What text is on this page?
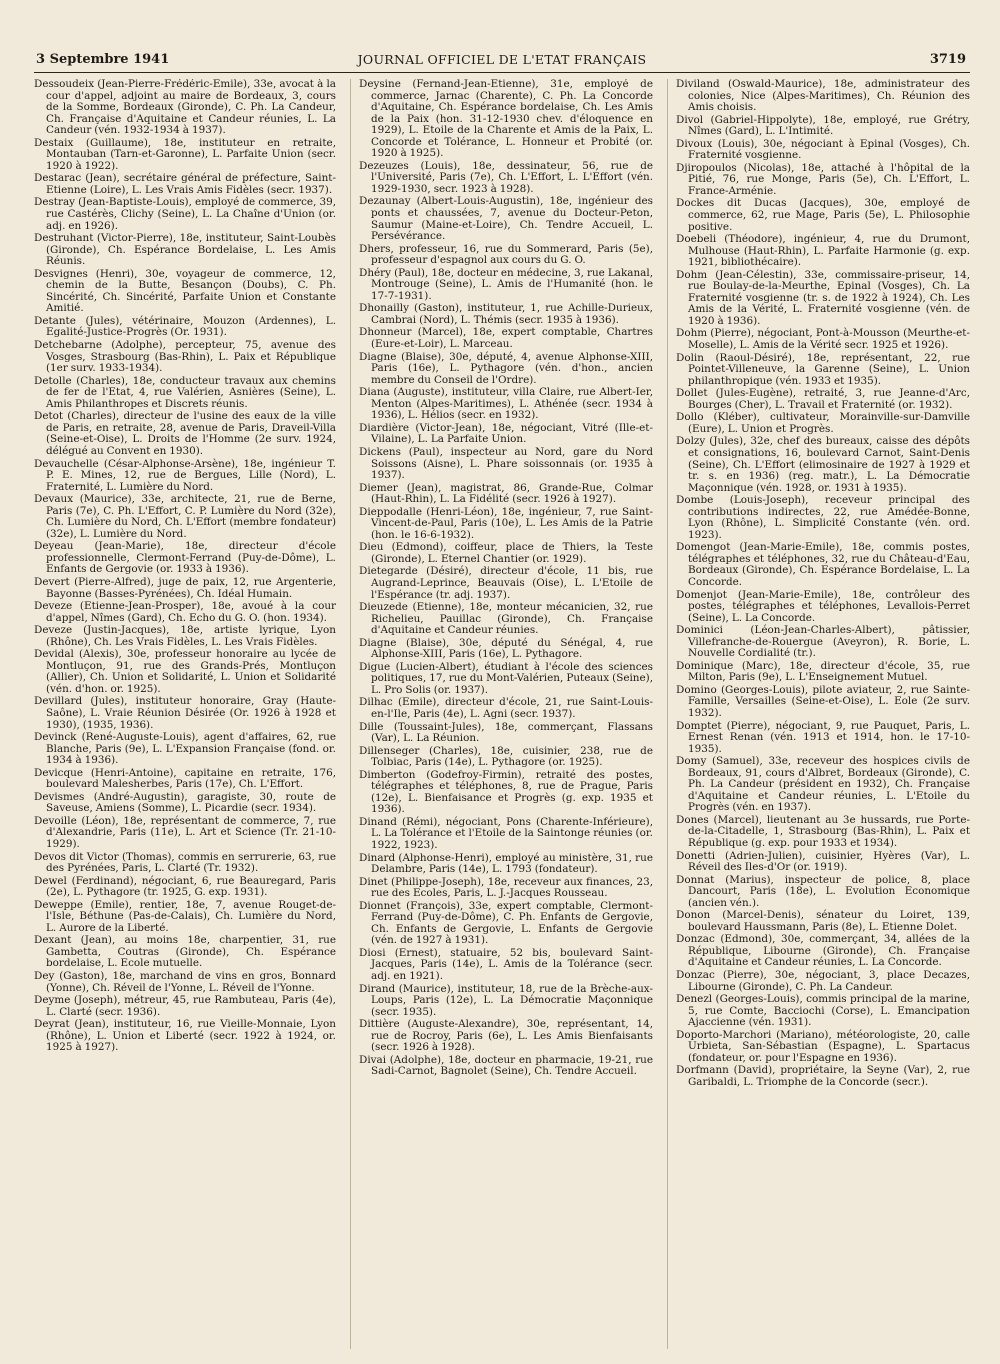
3 Septembre 1941	JOURNAL OFFICIEL DE L'ETAT FRANÇAIS	3719

Dessoudeix (Jean-Pierre-Frédéric-Emile), 33e, avocat à la cour d'appel, adjoint au maire de Bordeaux, 3, cours de la Somme, Bordeaux (Gironde), C. Ph. La Candeur, Ch. Française d'Aquitaine et Candeur réunies, L. La Candeur (vén. 1932-1934 à 1937).

Destaix (Guillaume), 18e, instituteur en retraite, Montauban (Tarn-et-Garonne), L. Parfaite Union (secr. 1920 à 1922).

Destarac (Jean), secrétaire général de préfecture, Saint-Etienne (Loire), L. Les Vrais Amis Fidèles (secr. 1937).

Destray (Jean-Baptiste-Louis), employé de commerce, 39, rue Castérès, Clichy (Seine), L. La Chaîne d'Union (or. adj. en 1926).

Destruhant (Victor-Pierre), 18e, instituteur, Saint-Loubès (Gironde), Ch. Espérance Bordelaise, L. Les Amis Réunis.

Desvignes (Henri), 30e, voyageur de commerce, 12, chemin de la Butte, Besançon (Doubs), C. Ph. Sincérité, Ch. Sincérité, Parfaite Union et Constante Amitié.

Detante (Jules), vétérinaire, Mouzon (Ardennes), L. Egalité-Justice-Progrès (Or. 1931).

Detchebarne (Adolphe), percepteur, 75, avenue des Vosges, Strasbourg (Bas-Rhin), L. Paix et République (1er surv. 1933-1934).

Detolle (Charles), 18e, conducteur travaux aux chemins de fer de l'Etat, 4, rue Valérien, Asnières (Seine), L. Amis Philanthropes et Discrets réunis.

Detot (Charles), directeur de l'usine des eaux de la ville de Paris, en retraite, 28, avenue de Paris, Draveil-Villa (Seine-et-Oise), L. Droits de l'Homme (2e surv. 1924, délégué au Convent en 1930).

Devauchelle (César-Alphonse-Arsène), 18e, ingénieur T. P. E. Mines, 12, rue de Bergues, Lille (Nord), L. Fraternité, L. Lumière du Nord.

Devaux (Maurice), 33e, architecte, 21, rue de Berne, Paris (7e), C. Ph. L'Effort, C. P. Lumière du Nord (32e), Ch. Lumière du Nord, Ch. L'Effort (membre fondateur) (32e), L. Lumière du Nord.

Deyeau (Jean-Marie), 18e, directeur d'école professionnelle, Clermont-Ferrand (Puy-de-Dôme), L. Enfants de Gergovie (or. 1933 à 1936).

Devert (Pierre-Alfred), juge de paix, 12, rue Argenterie, Bayonne (Basses-Pyrénées), Ch. Idéal Humain.

Deveze (Etienne-Jean-Prosper), 18e, avoué à la cour d'appel, Nîmes (Gard), Ch. Echo du G. O. (hon. 1934).

Deveze (Justin-Jacques), 18e, artiste lyrique, Lyon (Rhône), Ch. Les Vrais Fidèles, L. Les Vrais Fidèles.

Devidal (Alexis), 30e, professeur honoraire au lycée de Montluçon, 91, rue des Grands-Prés, Montluçon (Allier), Ch. Union et Solidarité, L. Union et Solidarité (vén. d'hon. or. 1925).

Devillard (Jules), instituteur honoraire, Gray (Haute-Saône), L. Vraie Réunion Désirée (Or. 1926 à 1928 et 1930), (1935, 1936).

Devinck (René-Auguste-Louis), agent d'affaires, 62, rue Blanche, Paris (9e), L. L'Expansion Française (fond. or. 1934 à 1936).

Devicque (Henri-Antoine), capitaine en retraite, 176, boulevard Malesherbes, Paris (17e), Ch. L'Effort.

Devismes (André-Augustin), garagiste, 30, route de Saveuse, Amiens (Somme), L. Picardie (secr. 1934).

Devoille (Léon), 18e, représentant de commerce, 7, rue d'Alexandrie, Paris (11e), L. Art et Science (Tr. 21-10-1929).

Devos dit Victor (Thomas), commis en serrurerie, 63, rue des Pyrénées, Paris, L. Clarté (Tr. 1932).

Dewel (Ferdinand), négociant, 6, rue Beauregard, Paris (2e), L. Pythagore (tr. 1925, G. exp. 1931).

Deweppe (Emile), rentier, 18e, 7, avenue Rouget-de-l'Isle, Béthune (Pas-de-Calais), Ch. Lumière du Nord, L. Aurore de la Liberté.

Dexant (Jean), au moins 18e, charpentier, 31, rue Gambetta, Coutras (Gironde), Ch. Espérance bordelaise, L. Ecole mutuelle.

Dey (Gaston), 18e, marchand de vins en gros, Bonnard (Yonne), Ch. Réveil de l'Yonne, L. Réveil de l'Yonne.

Deyme (Joseph), métreur, 45, rue Rambuteau, Paris (4e), L. Clarté (secr. 1936).

Deyrat (Jean), instituteur, 16, rue Vieille-Monnaie, Lyon (Rhône), L. Union et Liberté (secr. 1922 à 1924, or. 1925 à 1927).

Deysine (Fernand-Jean-Etienne), 31e, employé de commerce, Jarnac (Charente), C. Ph. La Concorde d'Aquitaine, Ch. Espérance bordelaise, Ch. Les Amis de la Paix (hon. 31-12-1930 chev. d'éloquence en 1929), L. Etoile de la Charente et Amis de la Paix, L. Concorde et Tolérance, L. Honneur et Probité (or. 1920 à 1925).

Dezeuzes (Louis), 18e, dessinateur, 56, rue de l'Université, Paris (7e), Ch. L'Effort, L. L'Effort (vén. 1929-1930, secr. 1923 à 1928).

Dezaunay (Albert-Louis-Augustin), 18e, ingénieur des ponts et chaussées, 7, avenue du Docteur-Peton, Saumur (Maine-et-Loire), Ch. Tendre Accueil, L. Persévérance.

Dhers, professeur, 16, rue du Sommerard, Paris (5e), professeur d'espagnol aux cours du G. O.

Dhéry (Paul), 18e, docteur en médecine, 3, rue Lakanal, Montrouge (Seine), L. Amis de l'Humanité (hon. le 17-7-1931).

Dhonailly (Gaston), instituteur, 1, rue Achille-Durieux, Cambrai (Nord), L. Thémis (secr. 1935 à 1936).

Dhonneur (Marcel), 18e, expert comptable, Chartres (Eure-et-Loir), L. Marceau.

Diagne (Blaise), 30e, député, 4, avenue Alphonse-XIII, Paris (16e), L. Pythagore (vén. d'hon., ancien membre du Conseil de l'Ordre).

Diana (Auguste), instituteur, villa Claire, rue Albert-Ier, Menton (Alpes-Maritimes), L. Athénée (secr. 1934 à 1936), L. Hélios (secr. en 1932).

Diardière (Victor-Jean), 18e, négociant, Vitré (Ille-et-Vilaine), L. La Parfaite Union.

Dickens (Paul), inspecteur au Nord, gare du Nord Soissons (Aisne), L. Phare soissonnais (or. 1935 à 1937).

Diemer (Jean), magistrat, 86, Grande-Rue, Colmar (Haut-Rhin), L. La Fidélité (secr. 1926 à 1927).

Dieppodalle (Henri-Léon), 18e, ingénieur, 7, rue Saint-Vincent-de-Paul, Paris (10e), L. Les Amis de la Patrie (hon. le 16-6-1932).

Dieu (Edmond), coiffeur, place de Thiers, la Teste (Gironde), L. Eternel Chantier (or. 1929).

Dietegarde (Désiré), directeur d'école, 11 bis, rue Augrand-Leprince, Beauvais (Oise), L. L'Etoile de l'Espérance (tr. adj. 1937).

Dieuzede (Etienne), 18e, monteur mécanicien, 32, rue Richelieu, Pauillac (Gironde), Ch. Française d'Aquitaine et Candeur réunies.

Diagne (Blaise), 30e, député du Sénégal, 4, rue Alphonse-XIII, Paris (16e), L. Pythagore.

Digue (Lucien-Albert), étudiant à l'école des sciences politiques, 17, rue du Mont-Valérien, Puteaux (Seine), L. Pro Solis (or. 1937).

Dilhac (Emile), directeur d'école, 21, rue Saint-Louis-en-l'Ile, Paris (4e), L. Agni (secr. 1937).

Dille (Toussaint-Jules), 18e, commerçant, Flassans (Var), L. La Réunion.

Dillenseger (Charles), 18e, cuisinier, 238, rue de Tolbiac, Paris (14e), L. Pythagore (or. 1925).

Dimberton (Godefroy-Firmin), retraité des postes, télégraphes et téléphones, 8, rue de Prague, Paris (12e), L. Bienfaisance et Progrès (g. exp. 1935 et 1936).

Dinand (Rémi), négociant, Pons (Charente-Inférieure), L. La Tolérance et l'Etoile de la Saintonge réunies (or. 1922, 1923).

Dinard (Alphonse-Henri), employé au ministère, 31, rue Delambre, Paris (14e), L. 1793 (fondateur).

Dinet (Philippe-Joseph), 18e, receveur aux finances, 23, rue des Ecoles, Paris, L. J.-Jacques Rousseau.

Dionnet (François), 33e, expert comptable, Clermont-Ferrand (Puy-de-Dôme), C. Ph. Enfants de Gergovie, Ch. Enfants de Gergovie, L. Enfants de Gergovie (vén. de 1927 à 1931).

Diosi (Ernest), statuaire, 52 bis, boulevard Saint-Jacques, Paris (14e), L. Amis de la Tolérance (secr. adj. en 1921).

Dirand (Maurice), instituteur, 18, rue de la Brèche-aux-Loups, Paris (12e), L. La Démocratie Maçonnique (secr. 1935).

Dittière (Auguste-Alexandre), 30e, représentant, 14, rue de Rocroy, Paris (6e), L. Les Amis Bienfaisants (secr. 1926 à 1928).

Divai (Adolphe), 18e, docteur en pharmacie, 19-21, rue Sadi-Carnot, Bagnolet (Seine), Ch. Tendre Accueil.

Diviland (Oswald-Maurice), 18e, administrateur des colonies, Nice (Alpes-Maritimes), Ch. Réunion des Amis choisis.

Divol (Gabriel-Hippolyte), 18e, employé, rue Grétry, Nîmes (Gard), L. L'Intimité.

Divoux (Louis), 30e, négociant à Epinal (Vosges), Ch. Fraternité vosgienne.

Djiropoulos (Nicolas), 18e, attaché à l'hôpital de la Pitié, 76, rue Monge, Paris (5e), Ch. L'Effort, L. France-Arménie.

Dockes dit Ducas (Jacques), 30e, employé de commerce, 62, rue Mage, Paris (5e), L. Philosophie positive.

Doebeli (Théodore), ingénieur, 4, rue du Drumont, Mulhouse (Haut-Rhin), L. Parfaite Harmonie (g. exp. 1921, bibliothécaire).

Dohm (Jean-Célestin), 33e, commissaire-priseur, 14, rue Boulay-de-la-Meurthe, Epinal (Vosges), Ch. La Fraternité vosgienne (tr. s. de 1922 à 1924), Ch. Les Amis de la Vérité, L. Fraternité vosgienne (vén. de 1920 à 1936).

Dohm (Pierre), négociant, Pont-à-Mousson (Meurthe-et-Moselle), L. Amis de la Vérité secr. 1925 et 1926).

Dolin (Raoul-Désiré), 18e, représentant, 22, rue Pointet-Villeneuve, la Garenne (Seine), L. Union philanthropique (vén. 1933 et 1935).

Dollet (Jules-Eugène), retraité, 3, rue Jeanne-d'Arc, Bourges (Cher), L. Travail et Fraternité (or. 1932).

Dollo (Kléber), cultivateur, Morainville-sur-Damville (Eure), L. Union et Progrès.

Dolzy (Jules), 32e, chef des bureaux, caisse des dépôts et consignations, 16, boulevard Carnot, Saint-Denis (Seine), Ch. L'Effort (elimosinaire de 1927 à 1929 et tr. s. en 1936) (reg. matr.), L. La Démocratie Maçonnique (vén. 1928, or. 1931 à 1935).

Dombe (Louis-Joseph), receveur principal des contributions indirectes, 22, rue Amédée-Bonne, Lyon (Rhône), L. Simplicité Constante (vén. ord. 1923).

Domengot (Jean-Marie-Emile), 18e, commis postes, télégraphes et téléphones, 32, rue du Château-d'Eau, Bordeaux (Gironde), Ch. Espérance Bordelaise, L. La Concorde.

Domenjot (Jean-Marie-Emile), 18e, contrôleur des postes, télégraphes et téléphones, Levallois-Perret (Seine), L. La Concorde.

Dominici (Léon-Jean-Charles-Albert), pâtissier, Villefranche-de-Rouergue (Aveyron), R. Borie, L. Nouvelle Cordialité (tr.).

Dominique (Marc), 18e, directeur d'école, 35, rue Milton, Paris (9e), L. L'Enseignement Mutuel.

Domino (Georges-Louis), pilote aviateur, 2, rue Sainte-Famille, Versailles (Seine-et-Oise), L. Eole (2e surv. 1932).

Domptet (Pierre), négociant, 9, rue Pauquet, Paris, L. Ernest Renan (vén. 1913 et 1914, hon. le 17-10-1935).

Domy (Samuel), 33e, receveur des hospices civils de Bordeaux, 91, cours d'Albret, Bordeaux (Gironde), C. Ph. La Candeur (président en 1932), Ch. Française d'Aquitaine et Candeur réunies, L. L'Etoile du Progrès (vén. en 1937).

Dones (Marcel), lieutenant au 3e hussards, rue Porte-de-la-Citadelle, 1, Strasbourg (Bas-Rhin), L. Paix et République (g. exp. pour 1933 et 1934).

Donetti (Adrien-Julien), cuisinier, Hyères (Var), L. Réveil des Iles-d'Or (or. 1919).

Donnat (Marius), inspecteur de police, 8, place Dancourt, Paris (18e), L. Evolution Economique (ancien vén.).

Donon (Marcel-Denis), sénateur du Loiret, 139, boulevard Haussmann, Paris (8e), L. Etienne Dolet.

Donzac (Edmond), 30e, commerçant, 34, allées de la République, Libourne (Gironde), Ch. Française d'Aquitaine et Candeur réunies, L. La Concorde.

Donzac (Pierre), 30e, négociant, 3, place Decazes, Libourne (Gironde), C. Ph. La Candeur.

Denezl (Georges-Louis), commis principal de la marine, 5, rue Comte, Bacciochi (Corse), L. Emancipation Ajaccienne (vén. 1931).

Doporto-Marchori (Mariano), météorologiste, 20, calle Urbieta, San-Sébastian (Espagne), L. Spartacus (fondateur, or. pour l'Espagne en 1936).

Dorfmann (David), propriétaire, la Seyne (Var), 2, rue Garibaldi, L. Triomphe de la Concorde (secr.).
